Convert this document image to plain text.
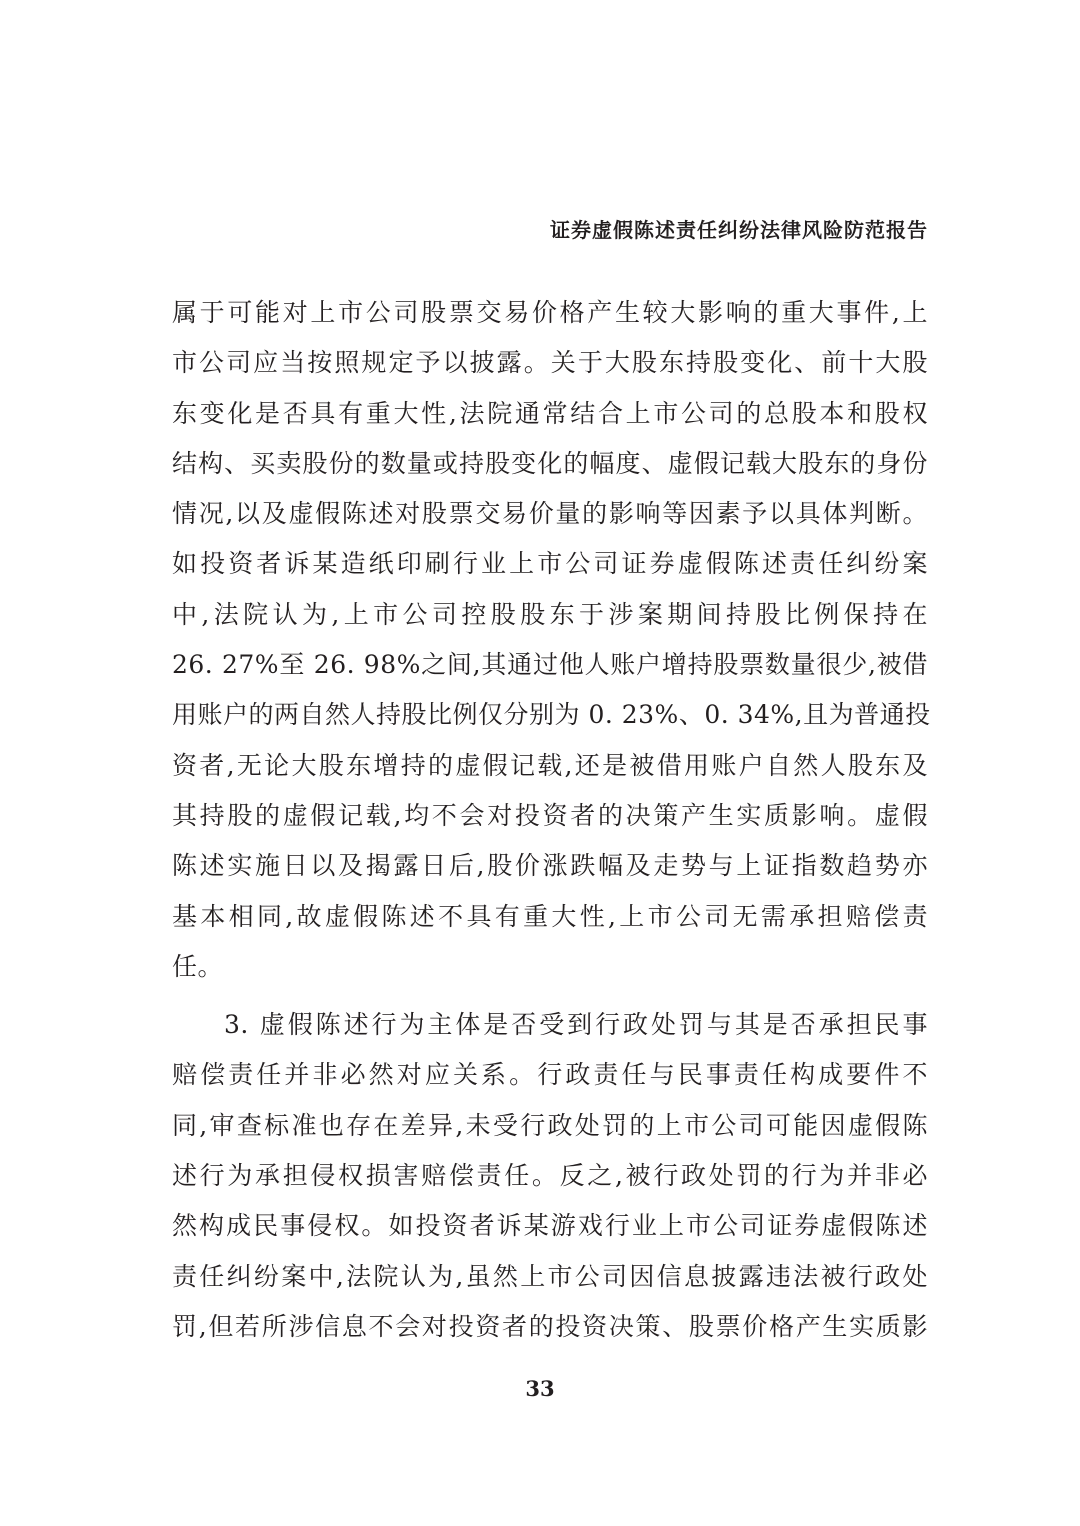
证券虚假陈述责任纠纷法律风险防范报告
属于可能对上市公司股票交易价格产生较大影响的重大事件,上
市公司应当按照规定予以披露。关于大股东持股变化、前十大股
东变化是否具有重大性,法院通常结合上市公司的总股本和股权
结构、买卖股份的数量或持股变化的幅度、虚假记载大股东的身份
情况,以及虚假陈述对股票交易价量的影响等因素予以具体判断。
如投资者诉某造纸印刷行业上市公司证券虚假陈述责任纠纷案
中,法院认为,上市公司控股股东于涉案期间持股比例保持在
26. 27%至 26. 98%之间,其通过他人账户增持股票数量很少,被借
用账户的两自然人持股比例仅分别为 0. 23%、0. 34%,且为普通投
资者,无论大股东增持的虚假记载,还是被借用账户自然人股东及
其持股的虚假记载,均不会对投资者的决策产生实质影响。虚假
陈述实施日以及揭露日后,股价涨跌幅及走势与上证指数趋势亦
基本相同,故虚假陈述不具有重大性,上市公司无需承担赔偿责
任。
3. 虚假陈述行为主体是否受到行政处罚与其是否承担民事
赔偿责任并非必然对应关系。行政责任与民事责任构成要件不
同,审查标准也存在差异,未受行政处罚的上市公司可能因虚假陈
述行为承担侵权损害赔偿责任。反之,被行政处罚的行为并非必
然构成民事侵权。如投资者诉某游戏行业上市公司证券虚假陈述
责任纠纷案中,法院认为,虽然上市公司因信息披露违法被行政处
罚,但若所涉信息不会对投资者的投资决策、股票价格产生实质影
33
